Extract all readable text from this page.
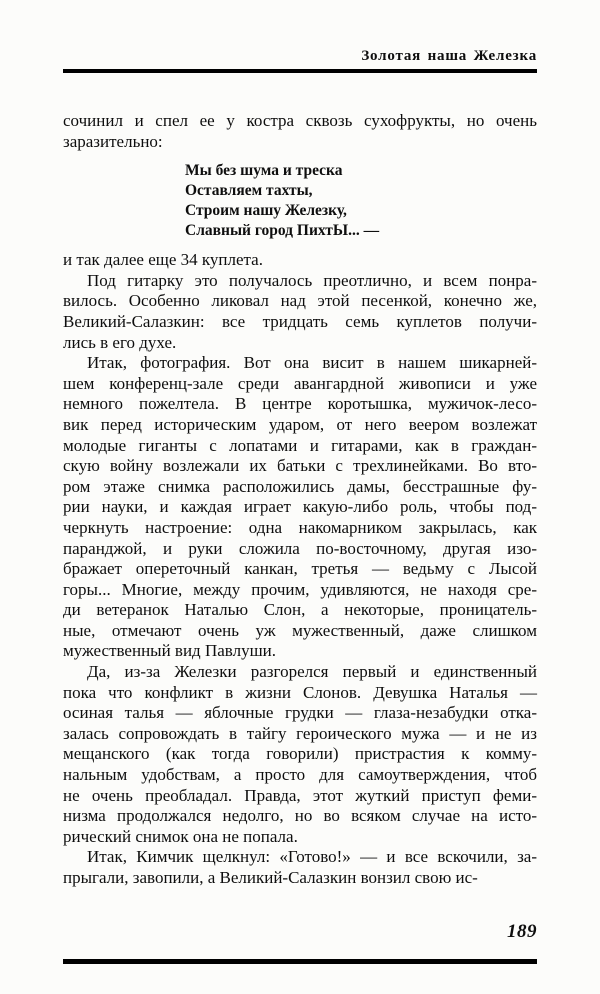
Золотая наша Железка
сочинил и спел ее у костра сквозь сухофрукты, но очень
заразительно:
Мы без шума и треска
Оставляем тахты,
Строим нашу Железку,
Славный город ПихтЫ... —
и так далее еще 34 куплета.
Под гитарку это получалось преотлично, и всем понра-
вилось. Особенно ликовал над этой песенкой, конечно же,
Великий-Салазкин: все тридцать семь куплетов получи-
лись в его духе.
Итак, фотография. Вот она висит в нашем шикарней-
шем конференц-зале среди авангардной живописи и уже
немного пожелтела. В центре коротышка, мужичок-лесо-
вик перед историческим ударом, от него веером возлежат
молодые гиганты с лопатами и гитарами, как в граждан-
скую войну возлежали их батьки с трехлинейками. Во вто-
ром этаже снимка расположились дамы, бесстрашные фу-
рии науки, и каждая играет какую-либо роль, чтобы под-
черкнуть настроение: одна накомарником закрылась, как
паранджой, и руки сложила по-восточному, другая изо-
бражает опереточный канкан, третья — ведьму с Лысой
горы... Многие, между прочим, удивляются, не находя сре-
ди ветеранок Наталью Слон, а некоторые, проницатель-
ные, отмечают очень уж мужественный, даже слишком
мужественный вид Павлуши.
Да, из-за Железки разгорелся первый и единственный
пока что конфликт в жизни Слонов. Девушка Наталья —
осиная талья — яблочные грудки — глаза-незабудки отка-
залась сопровождать в тайгу героического мужа — и не из
мещанского (как тогда говорили) пристрастия к комму-
нальным удобствам, а просто для самоутверждения, чтоб
не очень преобладал. Правда, этот жуткий приступ феми-
низма продолжался недолго, но во всяком случае на исто-
рический снимок она не попала.
Итак, Кимчик щелкнул: «Готово!» — и все вскочили, за-
прыгали, завопили, а Великий-Салазкин вонзил свою ис-
189
